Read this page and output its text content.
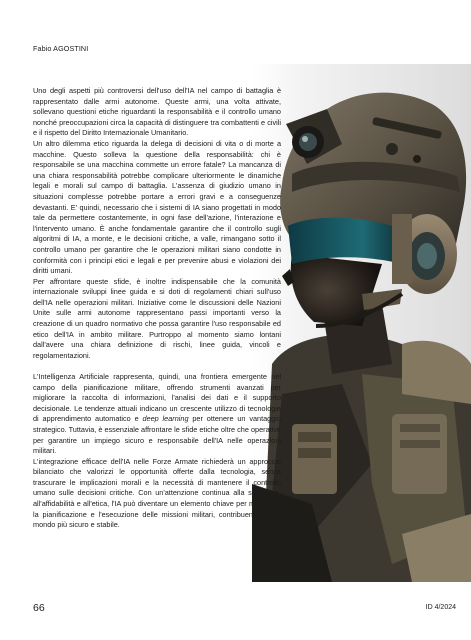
Fabio AGOSTINI

Uno degli aspetti più controversi dell'uso dell'IA nel campo di battaglia è rappresentato dalle armi autonome. Queste armi, una volta attivate, sollevano questioni etiche riguardanti la responsabilità e il controllo umano nonché preoccupazioni circa la capacità di distinguere tra combattenti e civili e il rispetto del Diritto Internazionale Umanitario.

Un altro dilemma etico riguarda la delega di decisioni di vita o di morte a macchine. Questo solleva la questione della responsabilità: chi è responsabile se una macchina commette un errore fatale? La mancanza di una chiara responsabilità potrebbe complicare ulteriormente le dinamiche legali e morali sul campo di battaglia. L'assenza di giudizio umano in situazioni complesse potrebbe portare a errori gravi e a conseguenze devastanti. E' quindi, necessario che i sistemi di IA siano progettati in modo tale da permettere costantemente, in ogni fase dell'azione, l'interazione e l'intervento umano. È anche fondamentale garantire che il controllo sugli algoritmi di IA, a monte, e le decisioni critiche, a valle, rimangano sotto il controllo umano per garantire che le operazioni militari siano condotte in conformità con i principi etici e legali e per prevenire abusi e violazioni dei diritti umani.

Per affrontare queste sfide, è inoltre indispensabile che la comunità internazionale sviluppi linee guida e si doti di regolamenti chiari sull'uso dell'IA nelle operazioni militari. Iniziative come le discussioni delle Nazioni Unite sulle armi autonome rappresentano passi importanti verso la creazione di un quadro normativo che possa garantire l'uso responsabile ed etico dell'IA in ambito militare. Purtroppo al momento siamo lontani dall'avere una chiara definizione di rischi, linee guida, vincoli e regolamentazioni.

L'Intelligenza Artificiale rappresenta, quindi, una frontiera emergente nel campo della pianificazione militare, offrendo strumenti avanzati per migliorare la raccolta di informazioni, l'analisi dei dati e il supporto decisionale. Le tendenze attuali indicano un crescente utilizzo di tecnologie di apprendimento automatico e deep learning per ottenere un vantaggio strategico. Tuttavia, è essenziale affrontare le sfide etiche oltre che operative per garantire un impiego sicuro e responsabile dell'IA nelle operazioni militari.

L'integrazione efficace dell'IA nelle Forze Armate richiederà un approccio bilanciato che valorizzi le opportunità offerte dalla tecnologia, senza trascurare le implicazioni morali e la necessità di mantenere il controllo umano sulle decisioni critiche. Con un'attenzione continua alla sicurezza, all'affidabilità e all'etica, l'IA può diventare un elemento chiave per migliorare la pianificazione e l'esecuzione delle missioni militari, contribuendo a un mondo più sicuro e stabile.

66	ID 4/2024
